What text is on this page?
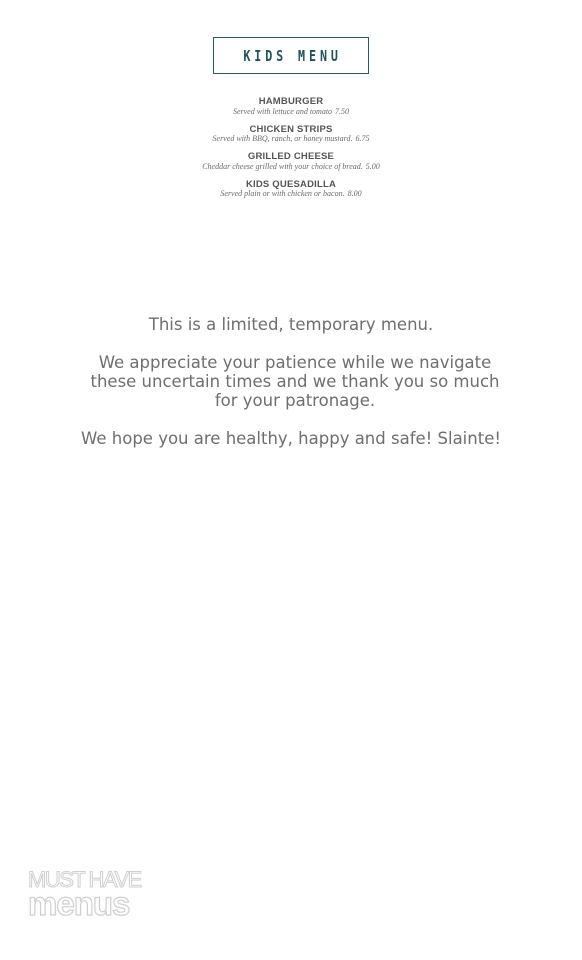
KIDS MENU
HAMBURGER
Served with lettuce and tomato 7.50
CHICKEN STRIPS
Served with BBQ, ranch, or honey mustard. 6.75
GRILLED CHEESE
Cheddar cheese grilled with your choice of bread. 5.00
KIDS QUESADILLA
Served plain or with chicken or bacon. 8.00
This is a limited, temporary menu.
We appreciate your patience while we navigate these uncertain times and we thank you so much for your patronage.
We hope you are healthy, happy and safe! Slainte!
MUST HAVE
menus
